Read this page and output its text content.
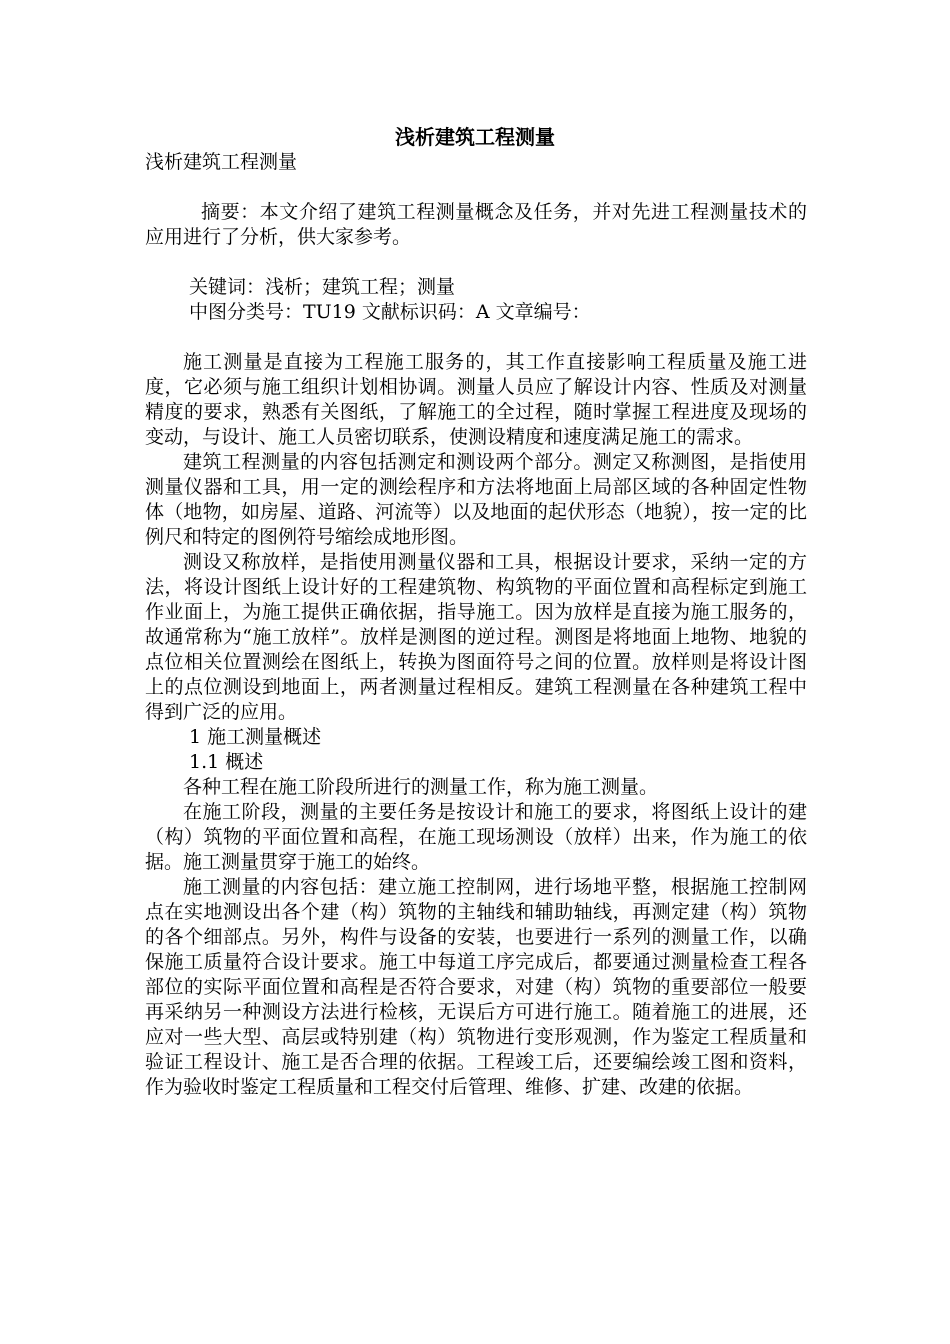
浅析建筑工程测量

浅析建筑工程测量

摘要：本文介绍了建筑工程测量概念及任务，并对先进工程测量技术的应用进行了分析，供大家参考。

关键词：浅析；建筑工程；测量

中图分类号：TU19 文献标识码：A 文章编号：

施工测量是直接为工程施工服务的，其工作直接影响工程质量及施工进度，它必须与施工组织计划相协调。测量人员应了解设计内容、性质及对测量精度的要求，熟悉有关图纸，了解施工的全过程，随时掌握工程进度及现场的变动，与设计、施工人员密切联系，使测设精度和速度满足施工的需求。

建筑工程测量的内容包括测定和测设两个部分。测定又称测图，是指使用测量仪器和工具，用一定的测绘程序和方法将地面上局部区域的各种固定性物体（地物，如房屋、道路、河流等）以及地面的起伏形态（地貌），按一定的比例尺和特定的图例符号缩绘成地形图。

测设又称放样，是指使用测量仪器和工具，根据设计要求，采纳一定的方法，将设计图纸上设计好的工程建筑物、构筑物的平面位置和高程标定到施工作业面上，为施工提供正确依据，指导施工。因为放样是直接为施工服务的，故通常称为“施工放样”。放样是测图的逆过程。测图是将地面上地物、地貌的点位相关位置测绘在图纸上，转换为图面符号之间的位置。放样则是将设计图上的点位测设到地面上，两者测量过程相反。建筑工程测量在各种建筑工程中得到广泛的应用。

1 施工测量概述

1.1 概述

各种工程在施工阶段所进行的测量工作，称为施工测量。

在施工阶段，测量的主要任务是按设计和施工的要求，将图纸上设计的建（构）筑物的平面位置和高程，在施工现场测设（放样）出来，作为施工的依据。施工测量贯穿于施工的始终。

施工测量的内容包括：建立施工控制网，进行场地平整，根据施工控制网点在实地测设出各个建（构）筑物的主轴线和辅助轴线，再测定建（构）筑物的各个细部点。另外，构件与设备的安装，也要进行一系列的测量工作，以确保施工质量符合设计要求。施工中每道工序完成后，都要通过测量检查工程各部位的实际平面位置和高程是否符合要求，对建（构）筑物的重要部位一般要再采纳另一种测设方法进行检核，无误后方可进行施工。随着施工的进展，还应对一些大型、高层或特别建（构）筑物进行变形观测，作为鉴定工程质量和验证工程设计、施工是否合理的依据。工程竣工后，还要编绘竣工图和资料，作为验收时鉴定工程质量和工程交付后管理、维修、扩建、改建的依据。
